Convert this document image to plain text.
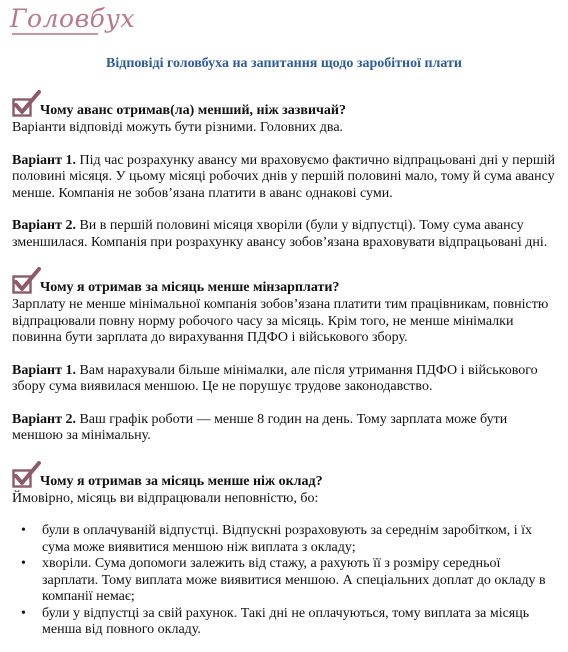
Головбух
Відповіді головбуха на запитання щодо заробітної плати
Чому аванс отримав(ла) менший, ніж зазвичай?

Варіанти відповіді можуть бути різними. Головних два.

Варіант 1. Під час розрахунку авансу ми враховуємо фактично відпрацьовані дні у першій половині місяця. У цьому місяці робочих днів у першій половині мало, тому й сума авансу менше. Компанія не зобов’язана платити в аванс однакові суми.

Варіант 2. Ви в першій половині місяця хворіли (були у відпустці). Тому сума авансу зменшилася. Компанія при розрахунку авансу зобов’язана враховувати відпрацьовані дні.

Чому я отримав за місяць менше мінзарплати?

Зарплату не менше мінімальної компанія зобов’язана платити тим працівникам, повністю відпрацювали повну норму робочого часу за місяць. Крім того, не менше мінімалки повинна бути зарплата до вирахування ПДФО і військового збору.

Варіант 1. Вам нарахували більше мінімалки, але після утримання ПДФО і військового збору сума виявилася меншою. Це не порушує трудове законодавство.

Варіант 2. Ваш графік роботи — менше 8 годин на день. Тому зарплата може бути меншою за мінімальну.

Чому я отримав за місяць менше ніж оклад?

Ймовірно, місяць ви відпрацювали неповністю, бо:

• були в оплачуваній відпустці. Відпускні розраховують за середнім заробітком, і їх сума може виявитися меншою ніж виплата з окладу;
• хворіли. Сума допомоги залежить від стажу, а рахують її з розміру середньої зарплати. Тому виплата може виявитися меншою. А спеціальних доплат до окладу в компанії немає;
• були у відпустці за свій рахунок. Такі дні не оплачуються, тому виплата за місяць менша від повного окладу.
